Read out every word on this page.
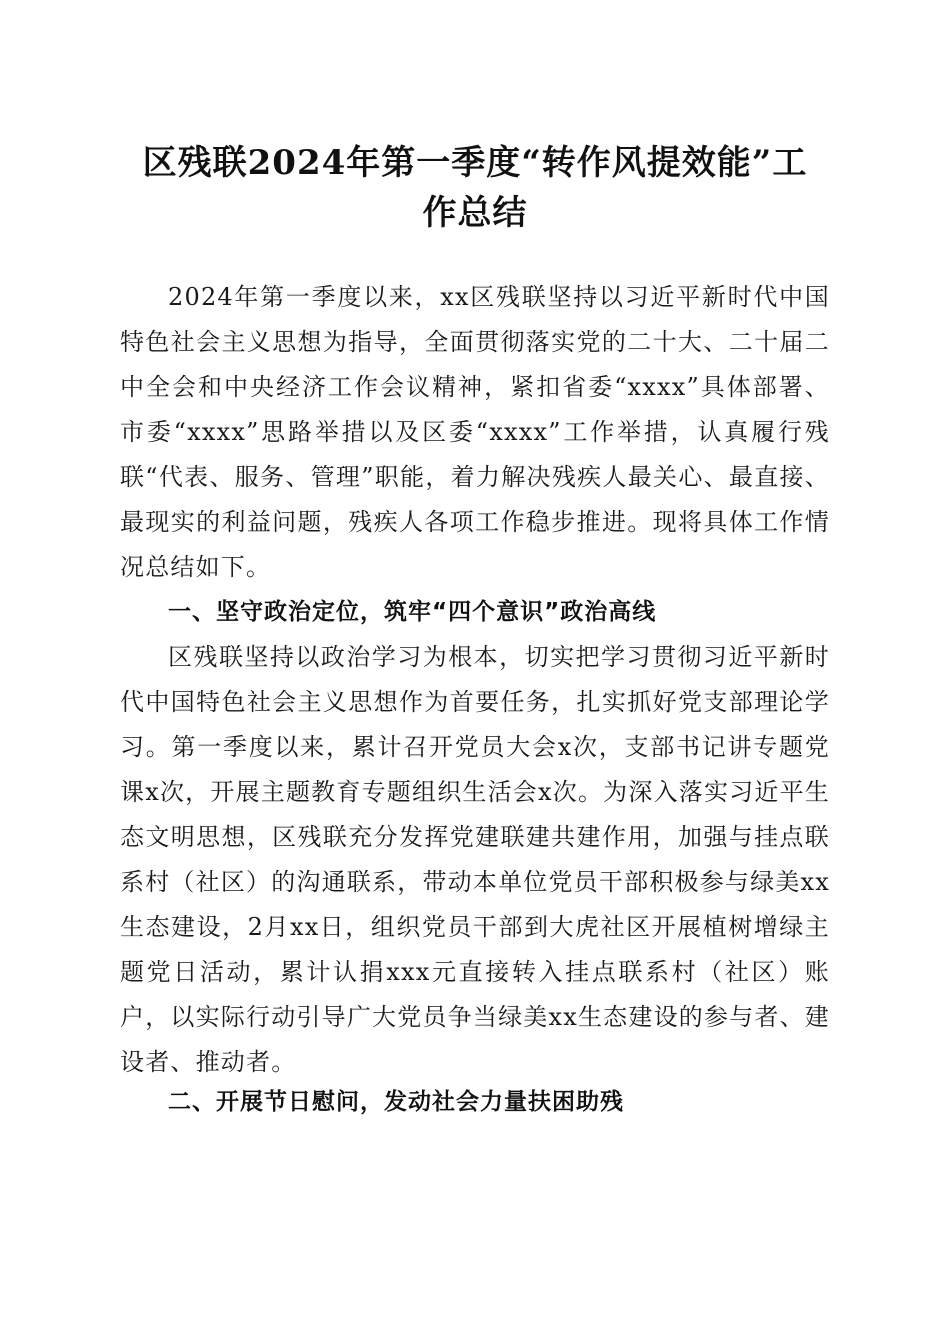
区残联2024年第一季度“转作风提效能”工
作总结
2024年第一季度以来，xx区残联坚持以习近平新时代中国特色社会主义思想为指导，全面贯彻落实党的二十大、二十届二中全会和中央经济工作会议精神，紧扣省委“xxxx”具体部署、市委“xxxx”思路举措以及区委“xxxx”工作举措，认真履行残联“代表、服务、管理”职能，着力解决残疾人最关心、最直接、最现实的利益问题，残疾人各项工作稳步推进。现将具体工作情况总结如下。
一、坚守政治定位，筑牢“四个意识”政治高线
区残联坚持以政治学习为根本，切实把学习贯彻习近平新时代中国特色社会主义思想作为首要任务，扎实抓好党支部理论学习。第一季度以来，累计召开党员大会x次，支部书记讲专题党课x次，开展主题教育专题组织生活会x次。为深入落实习近平生态文明思想，区残联充分发挥党建联建共建作用，加强与挂点联系村（社区）的沟通联系，带动本单位党员干部积极参与绿美xx生态建设，2月xx日，组织党员干部到大虎社区开展植树增绿主题党日活动，累计认捐xxx元直接转入挂点联系村（社区）账户，以实际行动引导广大党员争当绿美xx生态建设的参与者、建设者、推动者。
二、开展节日慰问，发动社会力量扶困助残
